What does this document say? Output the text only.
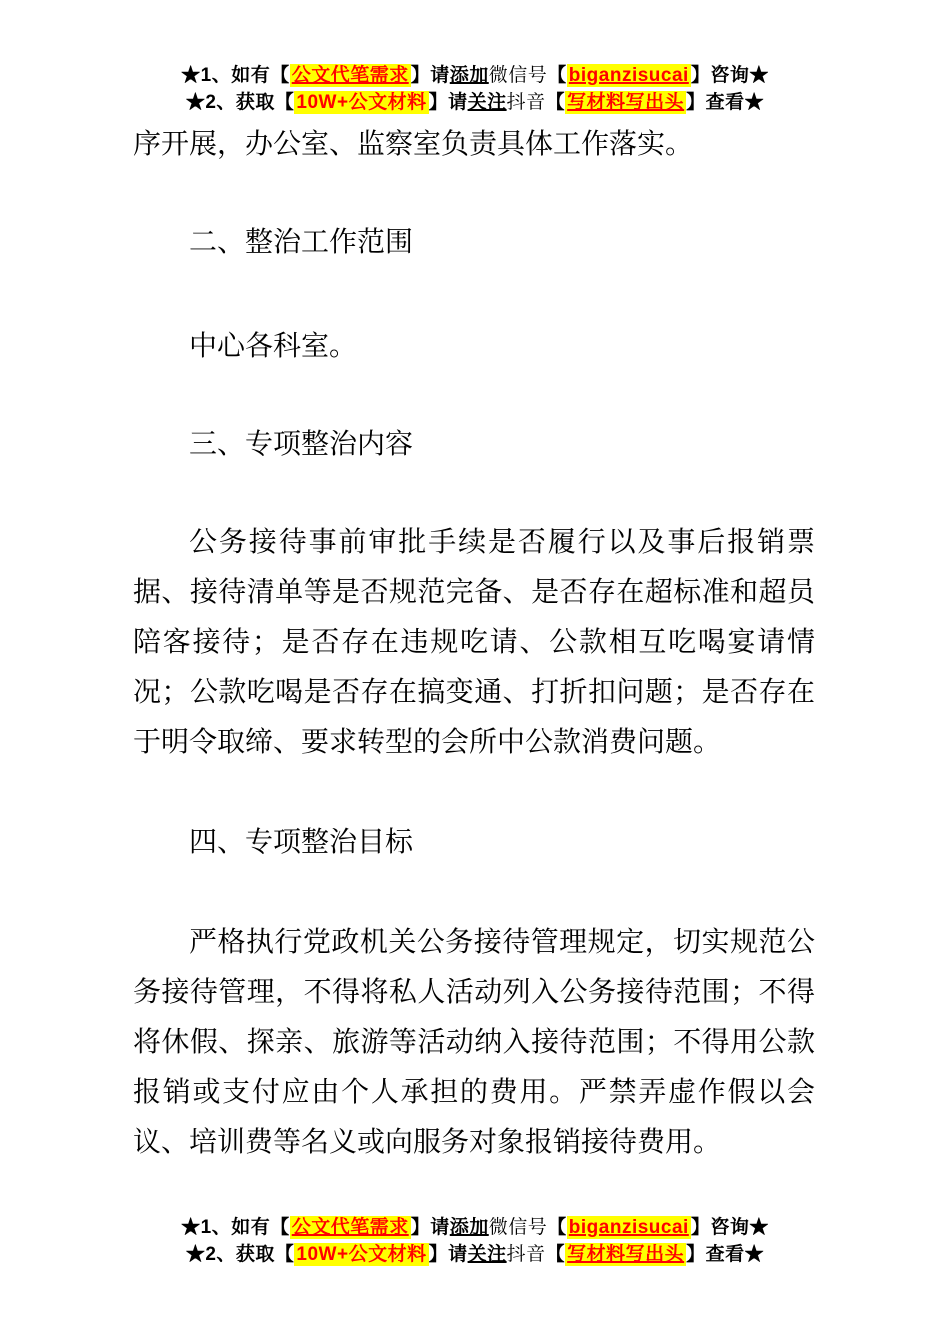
★1、如有【 公文代笔需求 】请添加微信号【 biganzisucai 】咨询★
★2、获取【 10W+公文材料 】请关注抖音【 写材料写出头 】查看★

序开展，办公室、监察室负责具体工作落实。

二、整治工作范围

中心各科室。

三、专项整治内容

公务接待事前审批手续是否履行以及事后报销票据、接待清单等是否规范完备、是否存在超标准和超员陪客接待；是否存在违规吃请、公款相互吃喝宴请情况；公款吃喝是否存在搞变通、打折扣问题；是否存在于明令取缔、要求转型的会所中公款消费问题。

四、专项整治目标

严格执行党政机关公务接待管理规定，切实规范公务接待管理，不得将私人活动列入公务接待范围；不得将休假、探亲、旅游等活动纳入接待范围；不得用公款报销或支付应由个人承担的费用。严禁弄虚作假以会议、培训费等名义或向服务对象报销接待费用。

★1、如有【 公文代笔需求 】请添加微信号【 biganzisucai 】咨询★
★2、获取【 10W+公文材料 】请关注抖音【 写材料写出头 】查看★
